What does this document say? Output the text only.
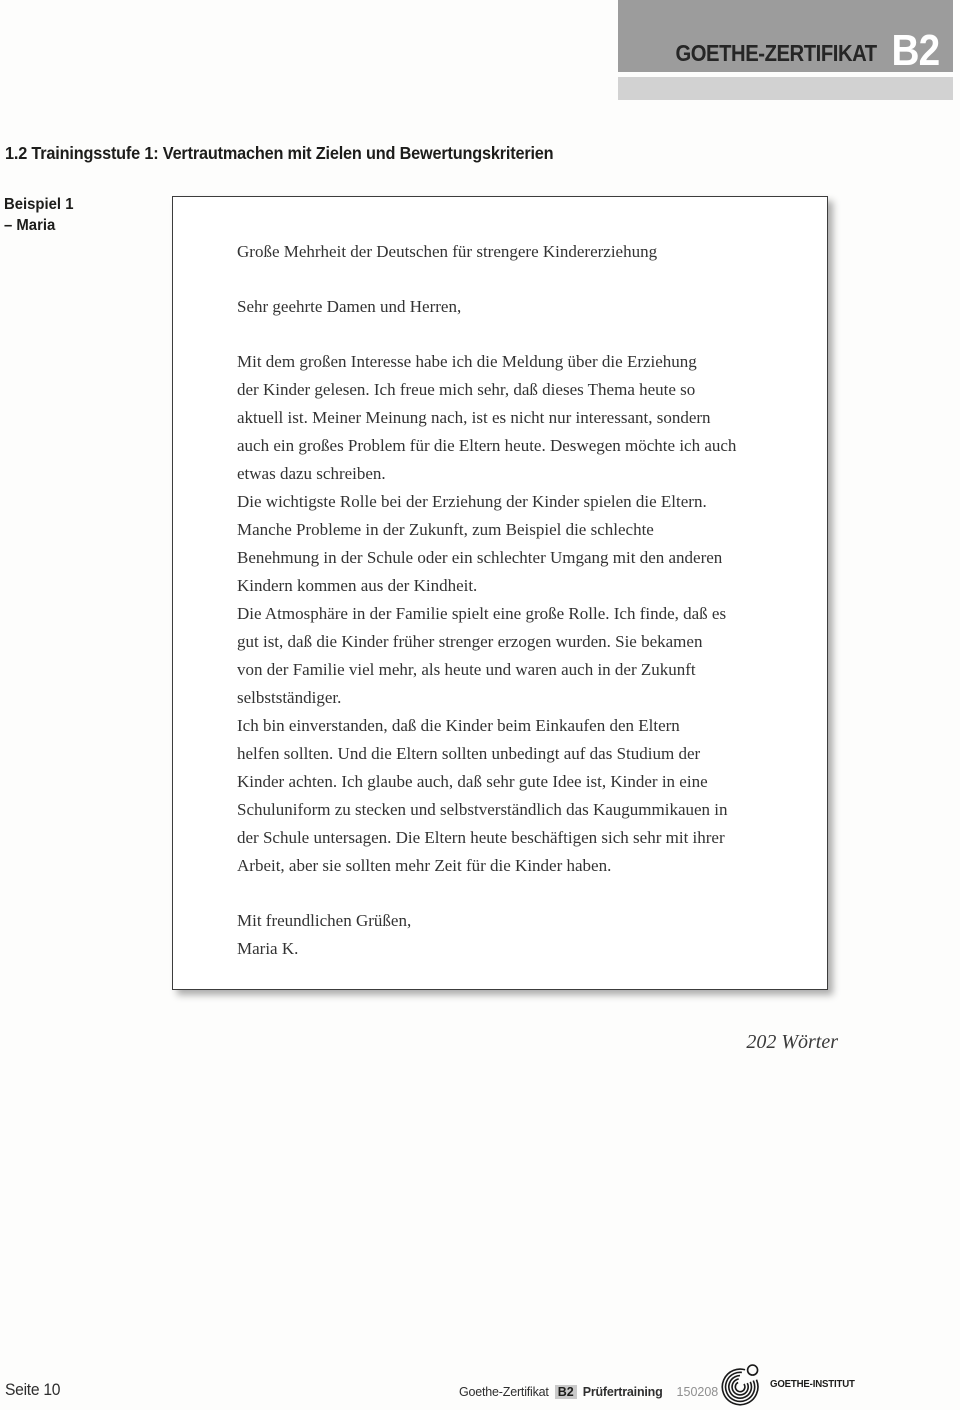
GOETHE-ZERTIFIKAT B2
1.2 Trainingsstufe 1: Vertrautmachen mit Zielen und Bewertungskriterien
Beispiel 1
– Maria
Große Mehrheit der Deutschen für strengere Kindererziehung
Sehr geehrte Damen und Herren,
Mit dem großen Interesse habe ich die Meldung über die Erziehung
der Kinder gelesen. Ich freue mich sehr, daß dieses Thema heute so
aktuell ist. Meiner Meinung nach, ist es nicht nur interessant, sondern
auch ein großes Problem für die Eltern heute. Deswegen möchte ich auch
etwas dazu schreiben.
Die wichtigste Rolle bei der Erziehung der Kinder spielen die Eltern.
Manche Probleme in der Zukunft, zum Beispiel die schlechte
Benehmung in der Schule oder ein schlechter Umgang mit den anderen
Kindern kommen aus der Kindheit.
Die Atmosphäre in der Familie spielt eine große Rolle. Ich finde, daß es
gut ist, daß die Kinder früher strenger erzogen wurden. Sie bekamen
von der Familie viel mehr, als heute und waren auch in der Zukunft
selbstständiger.
Ich bin einverstanden, daß die Kinder beim Einkaufen den Eltern
helfen sollten. Und die Eltern sollten unbedingt auf das Studium der
Kinder achten. Ich glaube auch, daß sehr gute Idee ist, Kinder in eine
Schuluniform zu stecken und selbstverständlich das Kaugummikauen in
der Schule untersagen. Die Eltern heute beschäftigen sich sehr mit ihrer
Arbeit, aber sie sollten mehr Zeit für die Kinder haben.
Mit freundlichen Grüßen,
Maria K.
202 Wörter
Seite 10	Goethe-Zertifikat B2 Prüfertraining 150208
GOETHE-INSTITUT
